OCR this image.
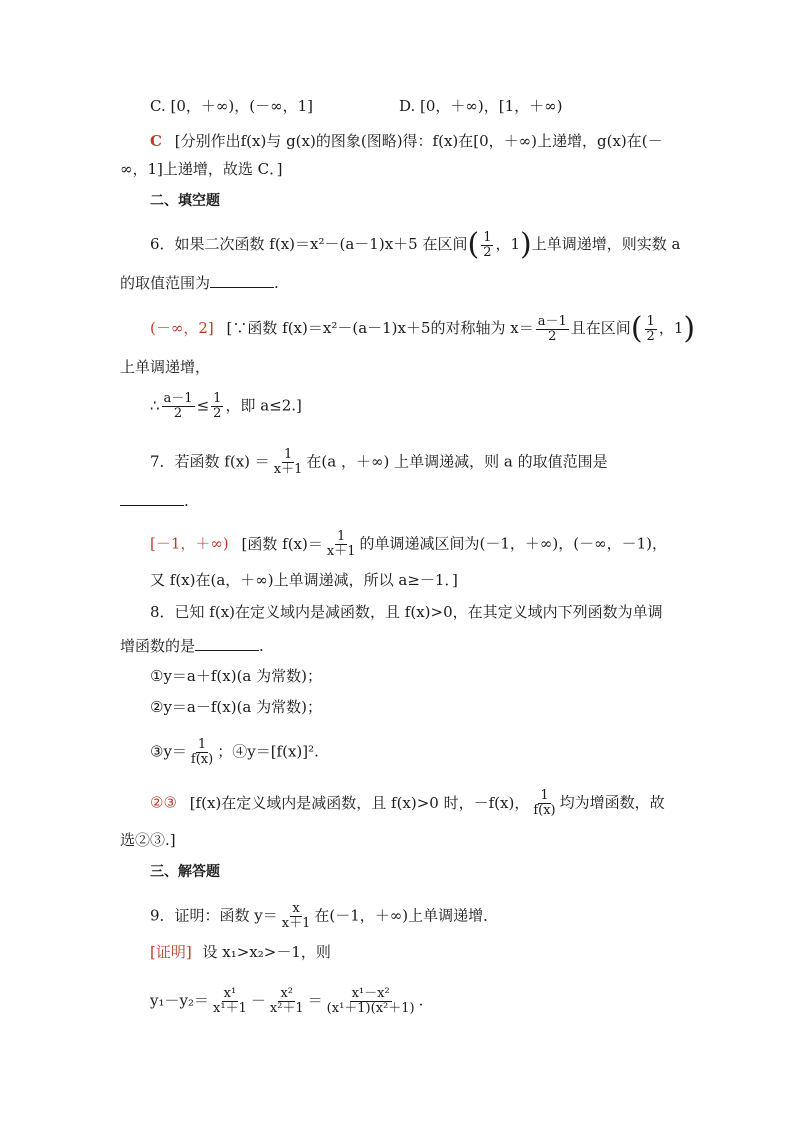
C. [0，＋∞)，(－∞，1]	D. [0，＋∞)，[1，＋∞)
C [分别作出f(x)与 g(x)的图象(图略)得：f(x)在[0，＋∞)上递增，g(x)在(－
∞，1]上递增，故选 C．]
二、填空题
6．如果二次函数 f(x)＝x²－(a－1)x＋5 在区间( $\frac{1}{2}$ ，1)上单调递增，则实数 a
的取值范围为	.
(－∞，2] [∵函数 f(x)＝x²－(a－1)x＋5的对称轴为 $x= \frac{a-1}{2}$ 且在区间( $\frac{1}{2}$ ，1)
上单调递增，
∴ $\frac{a-1}{2} \le \frac{1}{2}$ ，即 a≤2.]
7．若函数 $f(x) = \frac{1}{x+1}$ 在(a ，＋∞) 上单调递减，则 a 的取值范围是
.
[－1，＋∞) [函数 $f(x)= \frac{1}{x+1}$ 的单调递减区间为(－1，＋∞)，(－∞，－1)，
又 f(x)在(a，＋∞)上单调递减，所以 a≥－1．]
8．已知 f(x)在定义域内是减函数，且 f(x)>0，在其定义域内下列函数为单调
增函数的是	.
①y＝a＋f(x)(a 为常数)；
②y＝a－f(x)(a 为常数)；
③y＝ $\frac{1}{f(x)}$ ；④y＝[f(x)]².
②③ [f(x)在定义域内是减函数，且 f(x)>0 时，－f(x)， $\frac{1}{f(x)}$ 均为增函数，故
选②③.]
三、解答题
9．证明：函数 $y= \frac{x}{x+1}$ 在(－1，＋∞)上单调递增．
[证明] 设 x₁>x₂>－1，则
$y_1-y_2= \frac{\text{x¹}}{\text{x¹＋1}} - \frac{\text{x²}}{\text{x²＋1}} = \frac{\text{x¹－x²}}{\text{(x¹＋1)(x²＋1)}}$ .
